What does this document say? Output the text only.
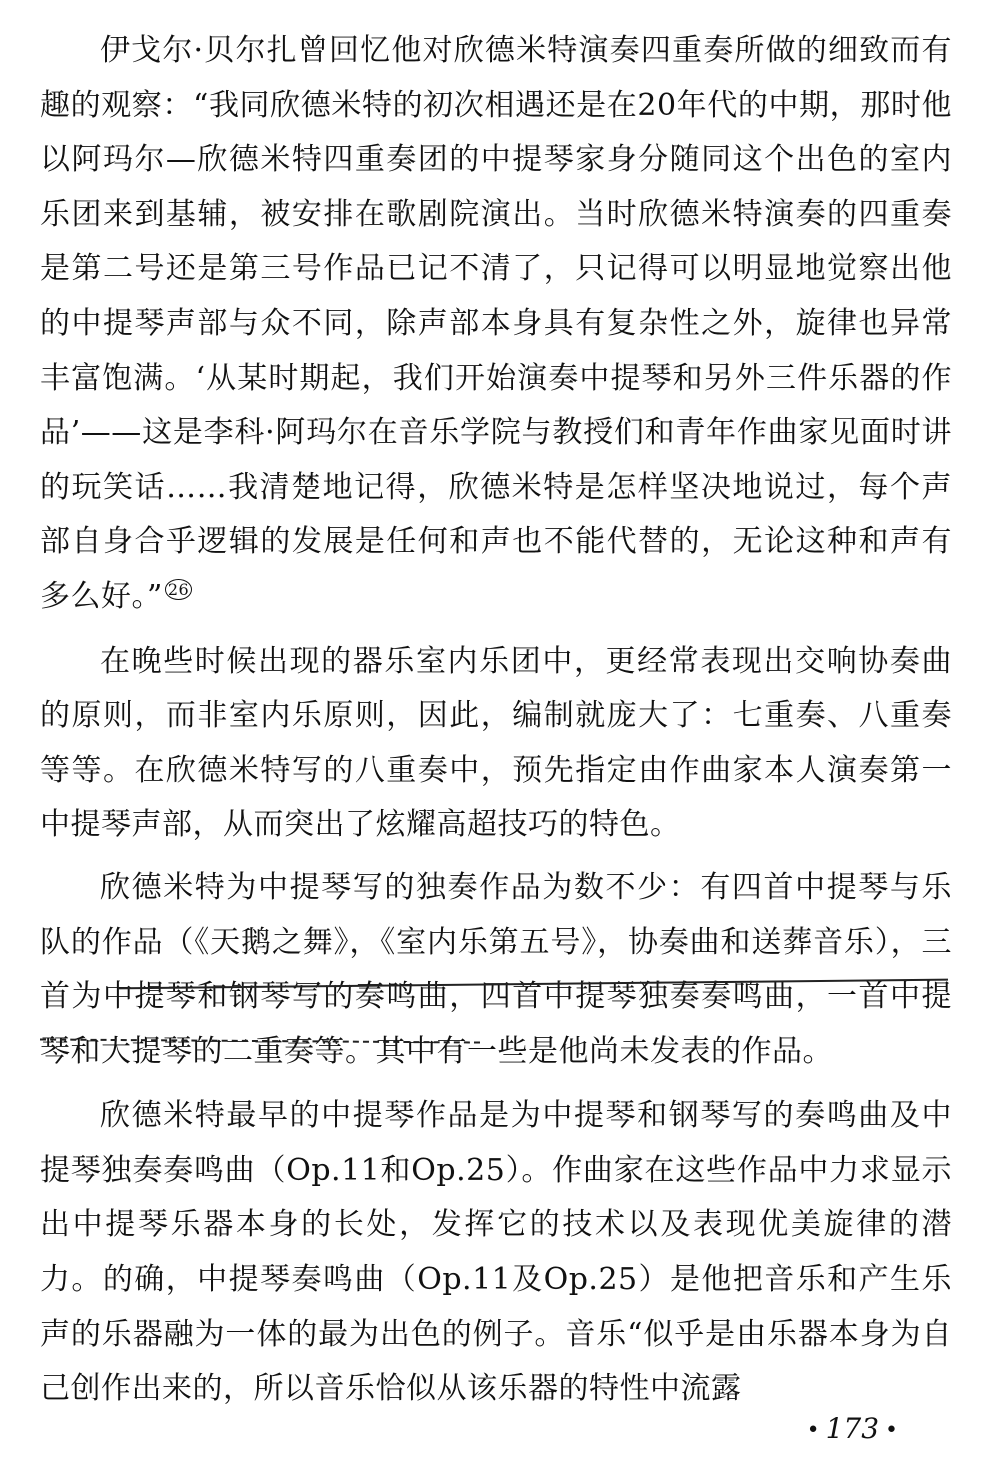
伊戈尔·贝尔扎曾回忆他对欣德米特演奏四重奏所做的细致而有趣的观察：“我同欣德米特的初次相遇还是在20年代的中期，那时他以阿玛尔—欣德米特四重奏团的中提琴家身分随同这个出色的室内乐团来到基辅，被安排在歌剧院演出。当时欣德米特演奏的四重奏是第二号还是第三号作品已记不清了，只记得可以明显地觉察出他的中提琴声部与众不同，除声部本身具有复杂性之外，旋律也异常丰富饱满。‘从某时期起，我们开始演奏中提琴和另外三件乐器的作品’——这是李科·阿玛尔在音乐学院与教授们和青年作曲家见面时讲的玩笑话……我清楚地记得，欣德米特是怎样坚决地说过，每个声部自身合乎逻辑的发展是任何和声也不能代替的，无论这种和声有多么好。” $^{26}$

在晚些时候出现的器乐室内乐团中，更经常表现出交响协奏曲的原则，而非室内乐原则，因此，编制就庞大了：七重奏、八重奏等等。在欣德米特写的八重奏中，预先指定由作曲家本人演奏第一中提琴声部，从而突出了炫耀高超技巧的特色。

欣德米特为中提琴写的独奏作品为数不少：有四首中提琴与乐队的作品（《天鹅之舞》，《室内乐第五号》，协奏曲和送葬音乐），三首为中提琴和钢琴写的奏鸣曲，四首中提琴独奏奏鸣曲，一首中提琴和大提琴的二重奏等。其中有一些是他尚未发表的作品。

欣德米特最早的中提琴作品是为中提琴和钢琴写的奏鸣曲及中提琴独奏奏鸣曲（Op.11和Op.25）。作曲家在这些作品中力求显示出中提琴乐器本身的长处，发挥它的技术以及表现优美旋律的潜力。的确，中提琴奏鸣曲（Op.11及Op.25）是他把音乐和产生乐声的乐器融为一体的最为出色的例子。音乐“似乎是由乐器本身为自己创作出来的，所以音乐恰似从该乐器的特性中流露

• 173 •
